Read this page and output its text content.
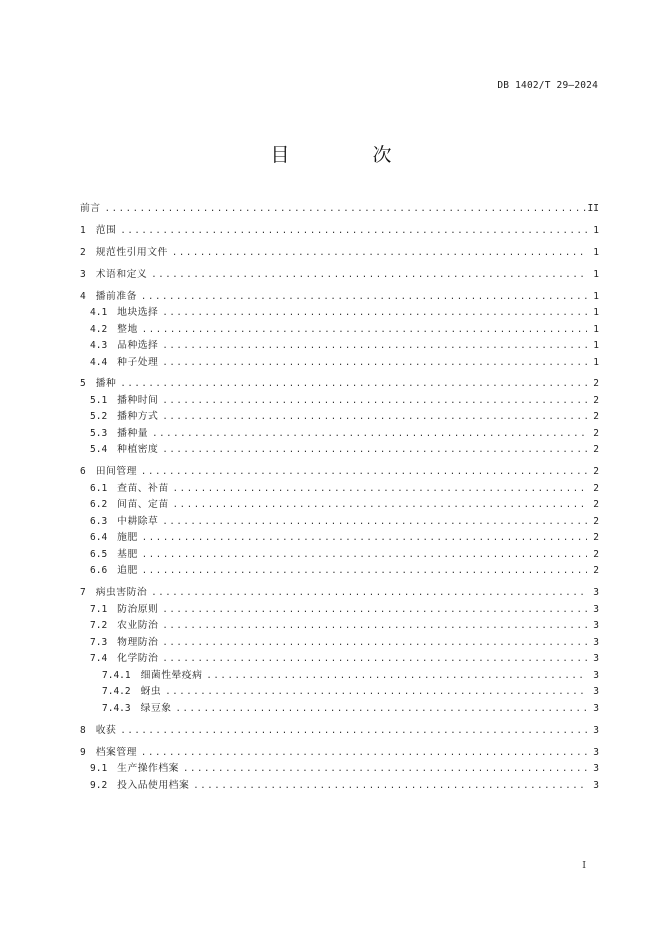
DB 1402/T 29—2024
目　次
前言 .....	II
1 范围 .....	1
2 规范性引用文件 .....	1
3 术语和定义 .....	1
4 播前准备 .....	1
4.1 地块选择 .....	1
4.2 整地 .....	1
4.3 品种选择 .....	1
4.4 种子处理 .....	1
5 播种 .....	2
5.1 播种时间 .....	2
5.2 播种方式 .....	2
5.3 播种量 .....	2
5.4 种植密度 .....	2
6 田间管理 .....	2
6.1 查苗、补苗 .....	2
6.2 间苗、定苗 .....	2
6.3 中耕除草 .....	2
6.4 施肥 .....	2
6.5 基肥 .....	2
6.6 追肥 .....	2
7 病虫害防治 .....	3
7.1 防治原则 .....	3
7.2 农业防治 .....	3
7.3 物理防治 .....	3
7.4 化学防治 .....	3
7.4.1 细菌性晕疫病 .....	3
7.4.2 蚜虫 .....	3
7.4.3 绿豆象 .....	3
8 收获 .....	3
9 档案管理 .....	3
9.1 生产操作档案 .....	3
9.2 投入品使用档案 .....	3
I
